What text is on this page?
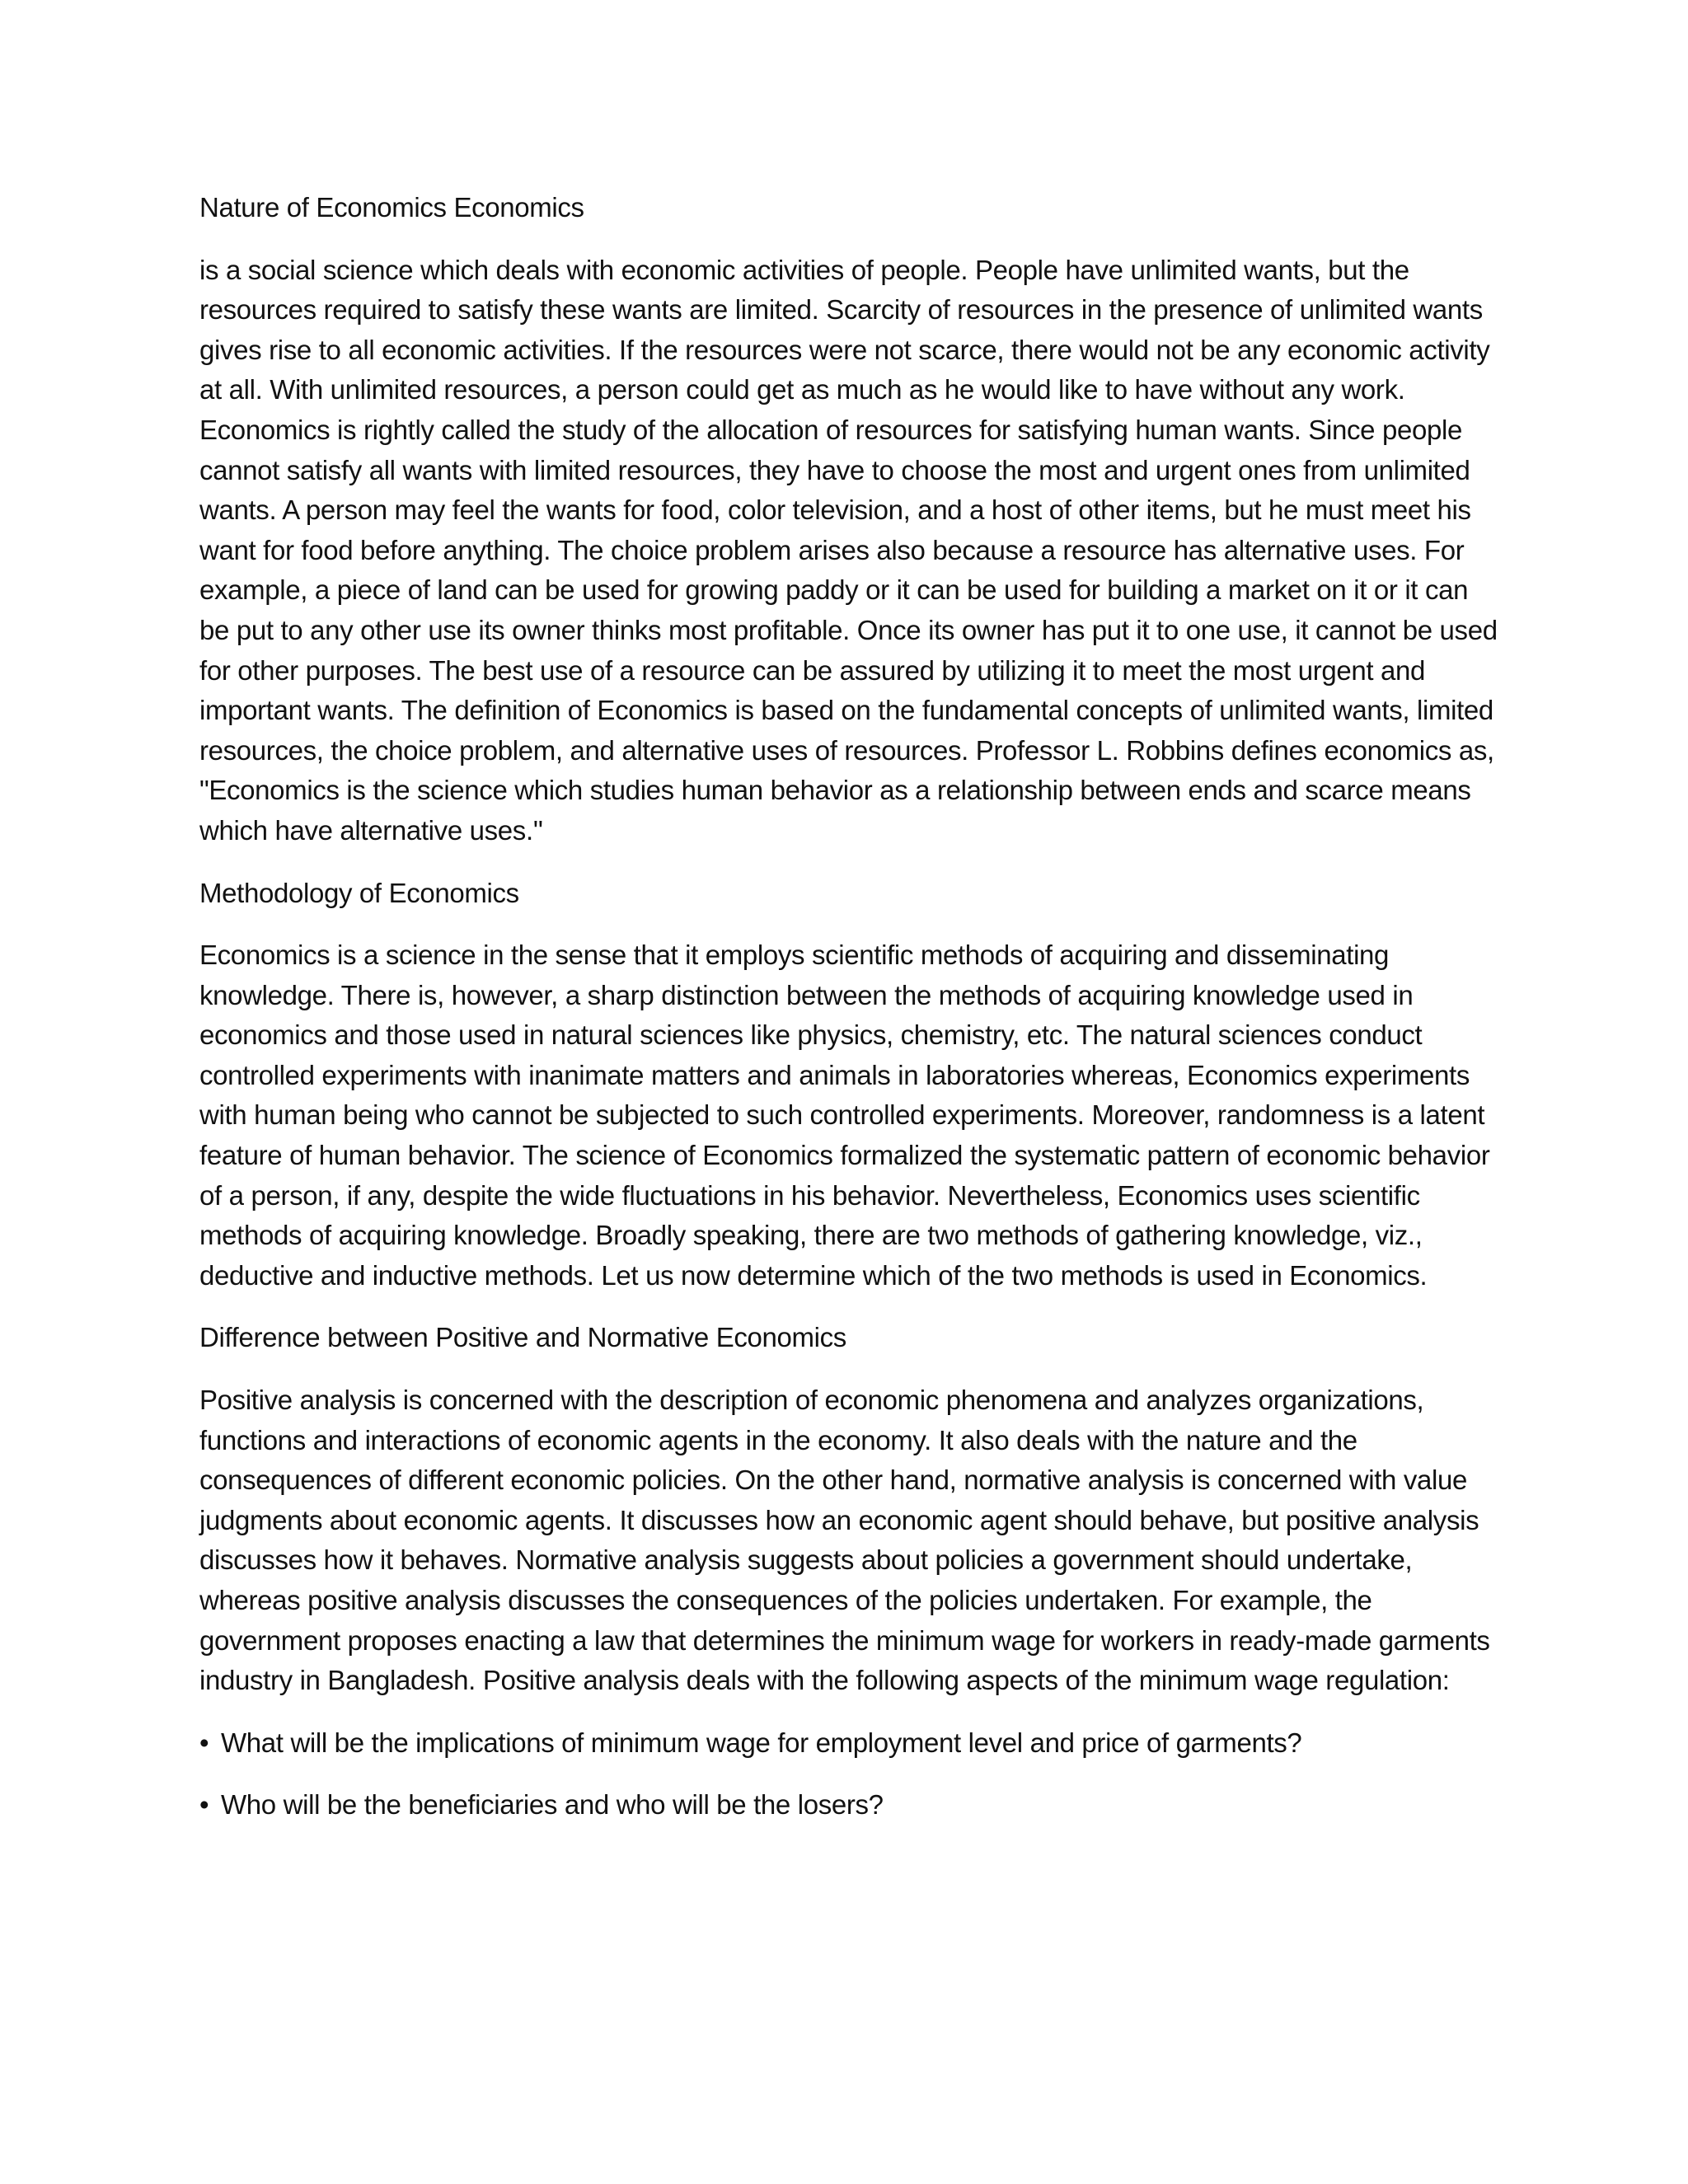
Nature of Economics Economics

is a social science which deals with economic activities of people. People have unlimited wants, but the resources required to satisfy these wants are limited. Scarcity of resources in the presence of unlimited wants gives rise to all economic activities. If the resources were not scarce, there would not be any economic activity at all. With unlimited resources, a person could get as much as he would like to have without any work. Economics is rightly called the study of the allocation of resources for satisfying human wants. Since people cannot satisfy all wants with limited resources, they have to choose the most and urgent ones from unlimited wants. A person may feel the wants for food, color television, and a host of other items, but he must meet his want for food before anything. The choice problem arises also because a resource has alternative uses. For example, a piece of land can be used for growing paddy or it can be used for building a market on it or it can be put to any other use its owner thinks most profitable. Once its owner has put it to one use, it cannot be used for other purposes. The best use of a resource can be assured by utilizing it to meet the most urgent and important wants. The definition of Economics is based on the fundamental concepts of unlimited wants, limited resources, the choice problem, and alternative uses of resources. Professor L. Robbins defines economics as, "Economics is the science which studies human behavior as a relationship between ends and scarce means which have alternative uses.''

Methodology of Economics

Economics is a science in the sense that it employs scientific methods of acquiring and disseminating knowledge. There is, however, a sharp distinction between the methods of acquiring knowledge used in economics and those used in natural sciences like physics, chemistry, etc. The natural sciences conduct controlled experiments with inanimate matters and animals in laboratories whereas, Economics experiments with human being who cannot be subjected to such controlled experiments. Moreover, randomness is a latent feature of human behavior. The science of Economics formalized the systematic pattern of economic behavior of a person, if any, despite the wide fluctuations in his behavior. Nevertheless, Economics uses scientific methods of acquiring knowledge. Broadly speaking, there are two methods of gathering knowledge, viz., deductive and inductive methods. Let us now determine which of the two methods is used in Economics.

Difference between Positive and Normative Economics

Positive analysis is concerned with the description of economic phenomena and analyzes organizations, functions and interactions of economic agents in the economy. It also deals with the nature and the consequences of different economic policies. On the other hand, normative analysis is concerned with value judgments about economic agents. It discusses how an economic agent should behave, but positive analysis discusses how it behaves. Normative analysis suggests about policies a government should undertake, whereas positive analysis discusses the consequences of the policies undertaken. For example, the government proposes enacting a law that determines the minimum wage for workers in ready-made garments industry in Bangladesh. Positive analysis deals with the following aspects of the minimum wage regulation:

• What will be the implications of minimum wage for employment level and price of garments?

• Who will be the beneficiaries and who will be the losers?
